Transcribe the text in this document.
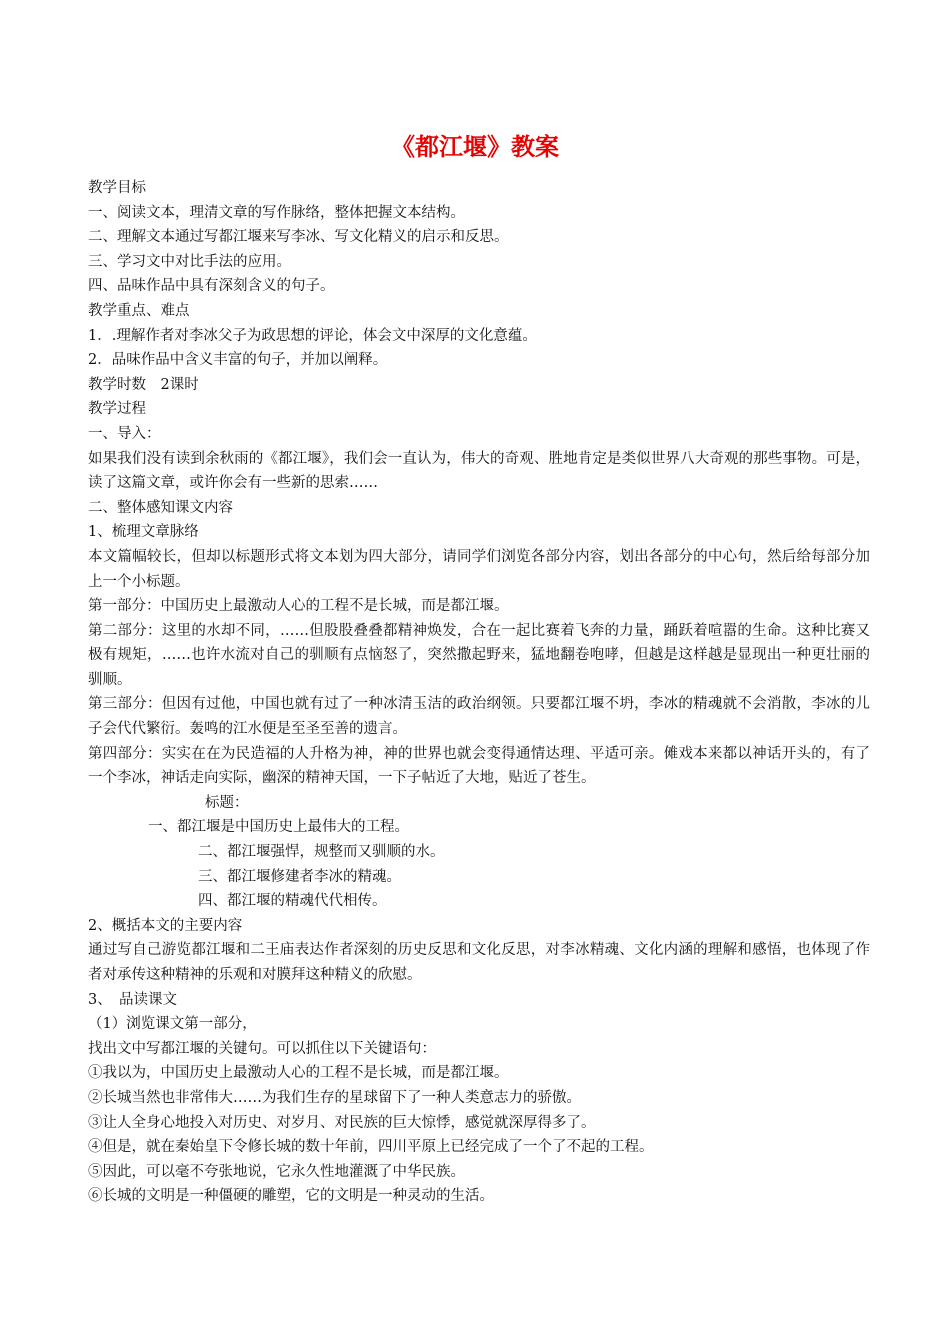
《都江堰》教案

教学目标

一、阅读文本，理清文章的写作脉络，整体把握文本结构。

二、理解文本通过写都江堰来写李冰、写文化精义的启示和反思。

三、学习文中对比手法的应用。

四、品味作品中具有深刻含义的句子。

教学重点、难点

1．.理解作者对李冰父子为政思想的评论，体会文中深厚的文化意蕴。

2．品味作品中含义丰富的句子，并加以阐释。

教学时数　2课时

教学过程

一、导入：

如果我们没有读到余秋雨的《都江堰》，我们会一直认为，伟大的奇观、胜地肯定是类似世界八大奇观的那些事物。可是，读了这篇文章，或许你会有一些新的思索……

二、整体感知课文内容

1、梳理文章脉络

本文篇幅较长，但却以标题形式将文本划为四大部分，请同学们浏览各部分内容，划出各部分的中心句，然后给每部分加上一个小标题。

第一部分：中国历史上最激动人心的工程不是长城，而是都江堰。

第二部分：这里的水却不同，……但股股叠叠都精神焕发，合在一起比赛着飞奔的力量，踊跃着喧嚣的生命。这种比赛又极有规矩，……也许水流对自己的驯顺有点恼怒了，突然撒起野来，猛地翻卷咆哮，但越是这样越是显现出一种更壮丽的驯顺。

第三部分：但因有过他，中国也就有过了一种冰清玉洁的政治纲领。只要都江堰不坍，李冰的精魂就不会消散，李冰的儿子会代代繁衍。轰鸣的江水便是至圣至善的遗言。

第四部分：实实在在为民造福的人升格为神，神的世界也就会变得通情达理、平适可亲。傩戏本来都以神话开头的，有了一个李冰，神话走向实际，幽深的精神天国，一下子帖近了大地，贴近了苍生。

标题：

一、都江堰是中国历史上最伟大的工程。

二、都江堰强悍，规整而又驯顺的水。

三、都江堰修建者李冰的精魂。

四、都江堰的精魂代代相传。

2、概括本文的主要内容

通过写自己游览都江堰和二王庙表达作者深刻的历史反思和文化反思，对李冰精魂、文化内涵的理解和感悟，也体现了作者对承传这种精神的乐观和对膜拜这种精义的欣慰。

3、　品读课文

（1）浏览课文第一部分，

找出文中写都江堰的关键句。可以抓住以下关键语句：

①我以为，中国历史上最激动人心的工程不是长城，而是都江堰。

②长城当然也非常伟大……为我们生存的星球留下了一种人类意志力的骄傲。

③让人全身心地投入对历史、对岁月、对民族的巨大惊悸，感觉就深厚得多了。

④但是，就在秦始皇下令修长城的数十年前，四川平原上已经完成了一个了不起的工程。

⑤因此，可以毫不夸张地说，它永久性地灌溉了中华民族。

⑥长城的文明是一种僵硬的雕塑，它的文明是一种灵动的生活。
